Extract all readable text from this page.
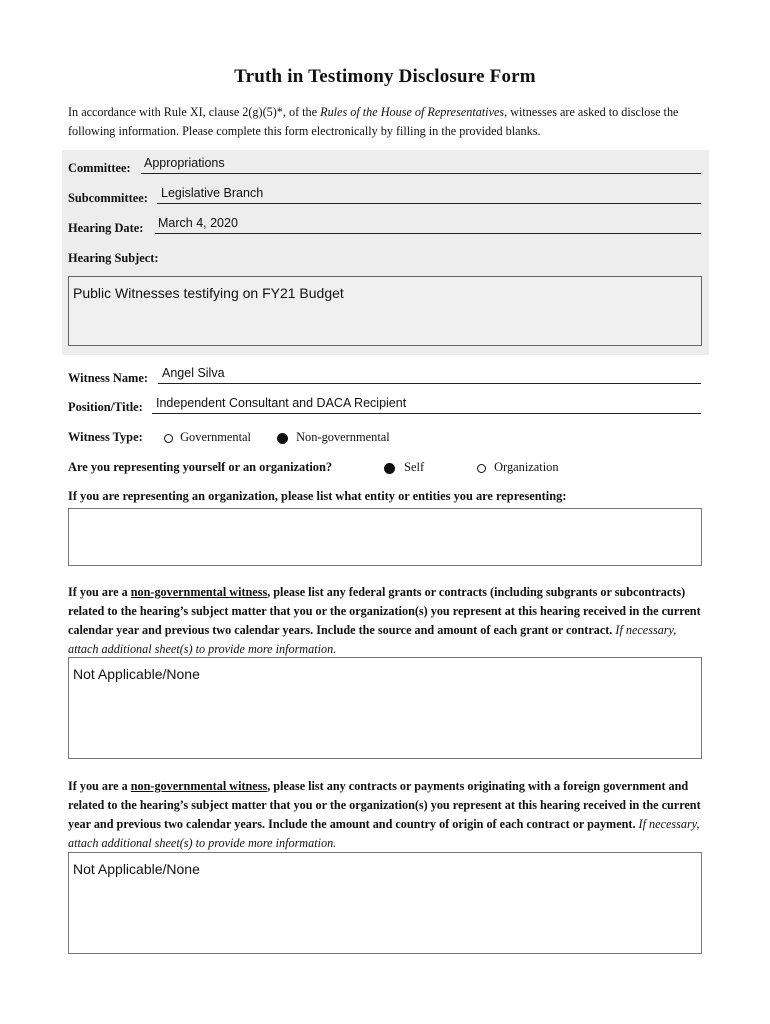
Truth in Testimony Disclosure Form
In accordance with Rule XI, clause 2(g)(5)*, of the Rules of the House of Representatives, witnesses are asked to disclose the following information. Please complete this form electronically by filling in the provided blanks.
Committee: Appropriations
Subcommittee: Legislative Branch
Hearing Date: March 4, 2020
Hearing Subject:
Public Witnesses testifying on FY21 Budget
Witness Name: Angel Silva
Position/Title: Independent Consultant and DACA Recipient
Witness Type:	Governmental	Non-governmental
Are you representing yourself or an organization?	Self	Organization
If you are representing an organization, please list what entity or entities you are representing:
If you are a non-governmental witness, please list any federal grants or contracts (including subgrants or subcontracts) related to the hearing’s subject matter that you or the organization(s) you represent at this hearing received in the current calendar year and previous two calendar years. Include the source and amount of each grant or contract. If necessary, attach additional sheet(s) to provide more information.
Not Applicable/None
If you are a non-governmental witness, please list any contracts or payments originating with a foreign government and related to the hearing’s subject matter that you or the organization(s) you represent at this hearing received in the current year and previous two calendar years. Include the amount and country of origin of each contract or payment. If necessary, attach additional sheet(s) to provide more information.
Not Applicable/None
